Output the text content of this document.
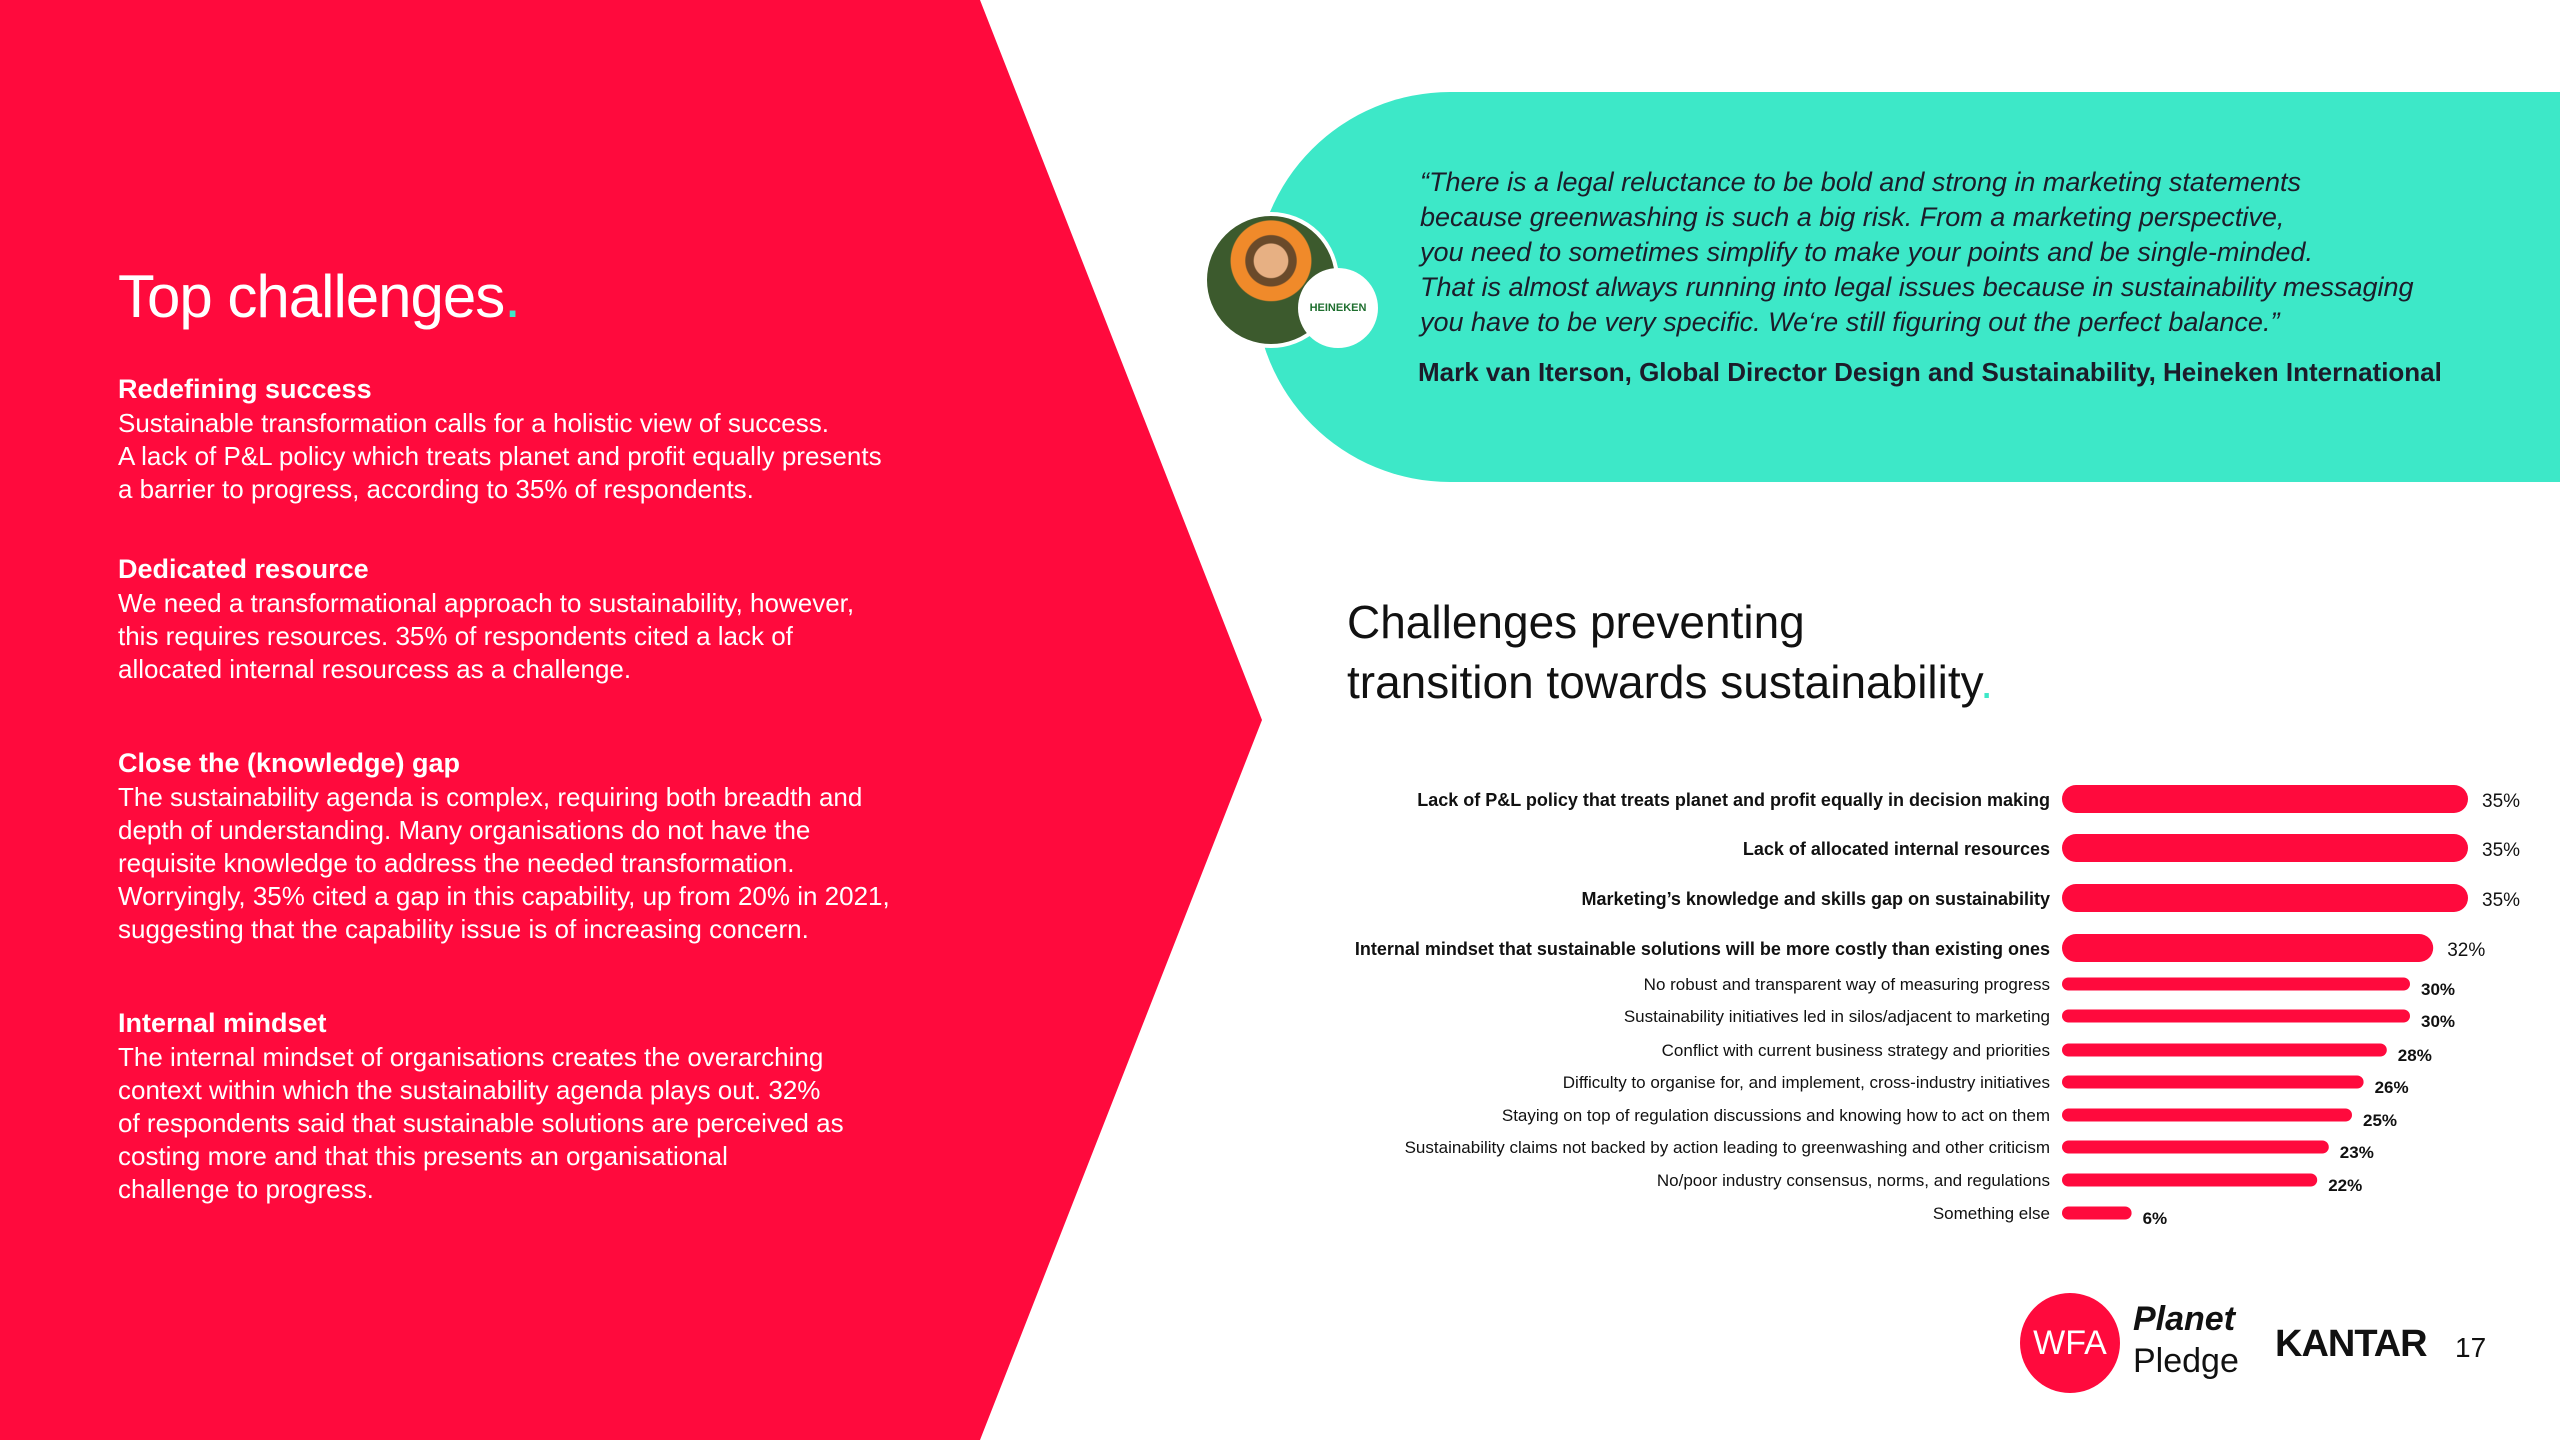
Top challenges.
Redefining success

Sustainable transformation calls for a holistic view of success.
A lack of P&L policy which treats planet and profit equally presents
a barrier to progress, according to 35% of respondents.

Dedicated resource

We need a transformational approach to sustainability, however,
this requires resources. 35% of respondents cited a lack of
allocated internal resourcess as a challenge.

Close the (knowledge) gap

The sustainability agenda is complex, requiring both breadth and
depth of understanding. Many organisations do not have the
requisite knowledge to address the needed transformation.
Worryingly, 35% cited a gap in this capability, up from 20% in 2021,
suggesting that the capability issue is of increasing concern.

Internal mindset

The internal mindset of organisations creates the overarching
context within which the sustainability agenda plays out. 32%
of respondents said that sustainable solutions are perceived as
costing more and that this presents an organisational
challenge to progress.

HEINEKEN

“There is a legal reluctance to be bold and strong in marketing statements
because greenwashing is such a big risk. From a marketing perspective,
you need to sometimes simplify to make your points and be single-minded.
That is almost always running into legal issues because in sustainability messaging
you have to be very specific. We‘re still figuring out the perfect balance.”

Mark van Iterson, Global Director Design and Sustainability, Heineken International

Challenges preventing
transition towards sustainability.
Lack of P&L policy that treats planet and profit equally in decision making	35%
Lack of allocated internal resources	35%
Marketing’s knowledge and skills gap on sustainability	35%
Internal mindset that sustainable solutions will be more costly than existing ones	32%
No robust and transparent way of measuring progress	30%
Sustainability initiatives led in silos/adjacent to marketing	30%
Conflict with current business strategy and priorities	28%
Difficulty to organise for, and implement, cross-industry initiatives	26%
Staying on top of regulation discussions and knowing how to act on them	25%
Sustainability claims not backed by action leading to greenwashing and other criticism	23%
No/poor industry consensus, norms, and regulations	22%
Something else	6%
WFA
Planet
Pledge KANTAR 17
